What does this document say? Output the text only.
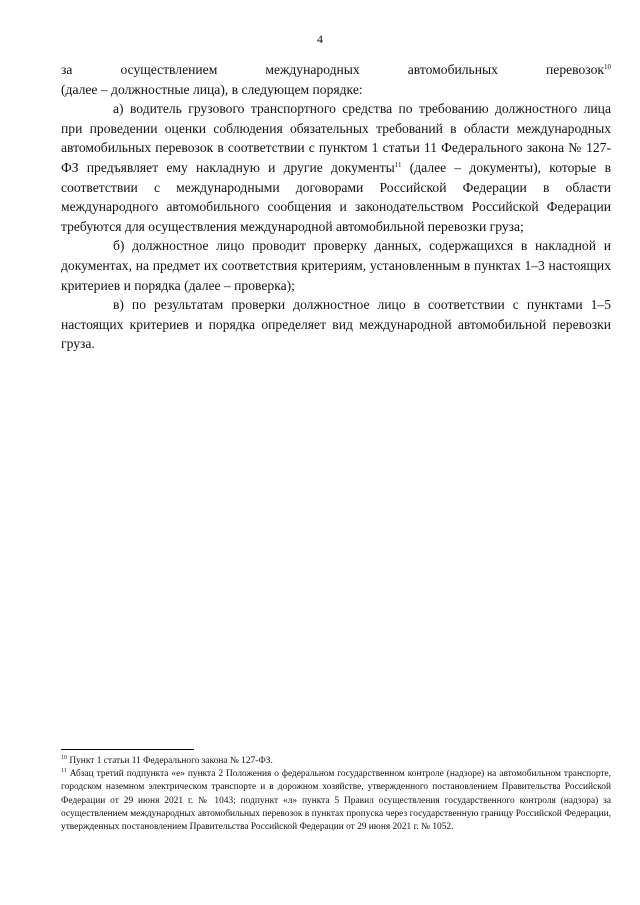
4
за	осуществлением	международных	автомобильных	перевозок$^{10}$

(далее – должностные лица), в следующем порядке:

а) водитель грузового транспортного средства по требованию должностного лица при проведении оценки соблюдения обязательных требований в области международных автомобильных перевозок в соответствии с пунктом 1 статьи 11 Федерального закона № 127-ФЗ предъявляет ему накладную и другие документы$^{11}$ (далее – документы), которые в соответствии с международными договорами Российской Федерации в области международного автомобильного сообщения и законодательством Российской Федерации требуются для осуществления международной автомобильной перевозки груза;

б) должностное лицо проводит проверку данных, содержащихся в накладной и документах, на предмет их соответствия критериям, установленным в пунктах 1–3 настоящих критериев и порядка (далее – проверка);

в) по результатам проверки должностное лицо в соответствии с пунктами 1–5 настоящих критериев и порядка определяет вид международной автомобильной перевозки груза.

$^{10}$ Пункт 1 статьи 11 Федерального закона № 127-ФЗ.

$^{11}$ Абзац третий подпункта «е» пункта 2 Положения о федеральном государственном контроле (надзоре) на автомобильном транспорте, городском наземном электрическом транспорте и в дорожном хозяйстве, утвержденного постановлением Правительства Российской Федерации от 29 июня 2021 г. № 1043; подпункт «л» пункта 5 Правил осуществления государственного контроля (надзора) за осуществлением международных автомобильных перевозок в пунктах пропуска через государственную границу Российской Федерации, утвержденных постановлением Правительства Российской Федерации от 29 июня 2021 г. № 1052.
